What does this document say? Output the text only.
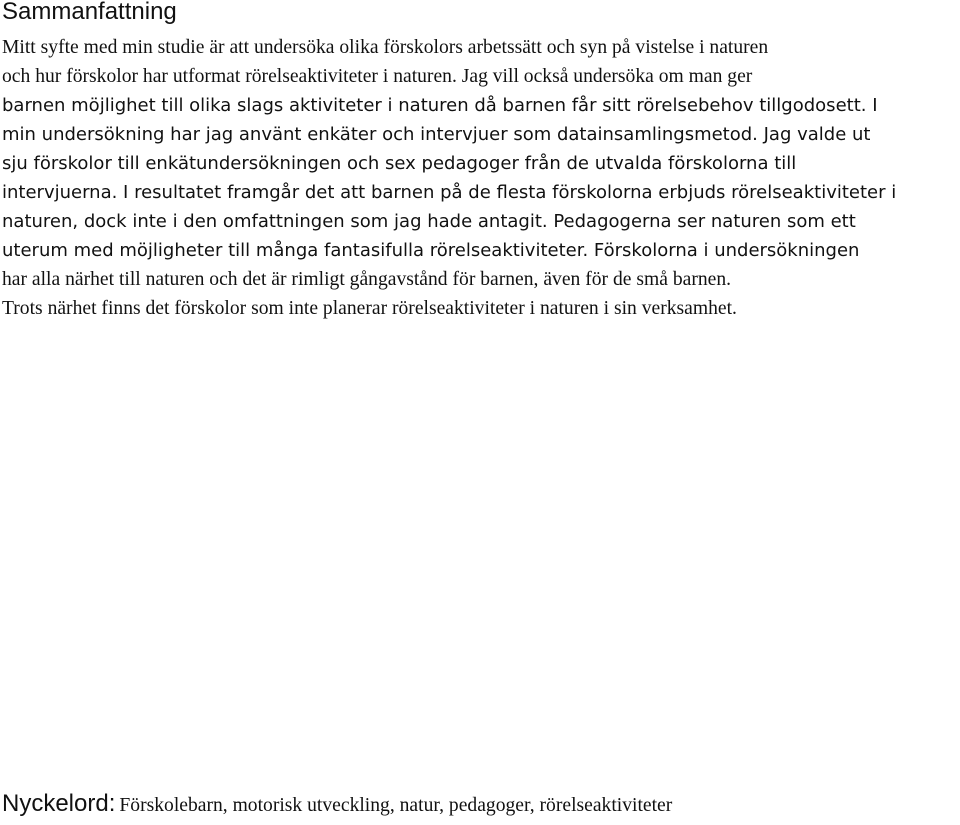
Sammanfattning
Mitt syfte med min studie är att undersöka olika förskolors arbetssätt och syn på vistelse i naturen
och hur förskolor har utformat rörelseaktiviteter i naturen. Jag vill också undersöka om man ger
barnen möjlighet till olika slags aktiviteter i naturen då barnen får sitt rörelsebehov tillgodosett. I
min undersökning har jag använt enkäter och intervjuer som datainsamlingsmetod. Jag valde ut
sju förskolor till enkätundersökningen och sex pedagoger från de utvalda förskolorna till
intervjuerna. I resultatet framgår det att barnen på de flesta förskolorna erbjuds rörelseaktiviteter i
naturen, dock inte i den omfattningen som jag hade antagit. Pedagogerna ser naturen som ett
uterum med möjligheter till många fantasifulla rörelseaktiviteter. Förskolorna i undersökningen
har alla närhet till naturen och det är rimligt gångavstånd för barnen, även för de små barnen.
Trots närhet finns det förskolor som inte planerar rörelseaktiviteter i naturen i sin verksamhet.

Nyckelord: Förskolebarn, motorisk utveckling, natur, pedagoger, rörelseaktiviteter
